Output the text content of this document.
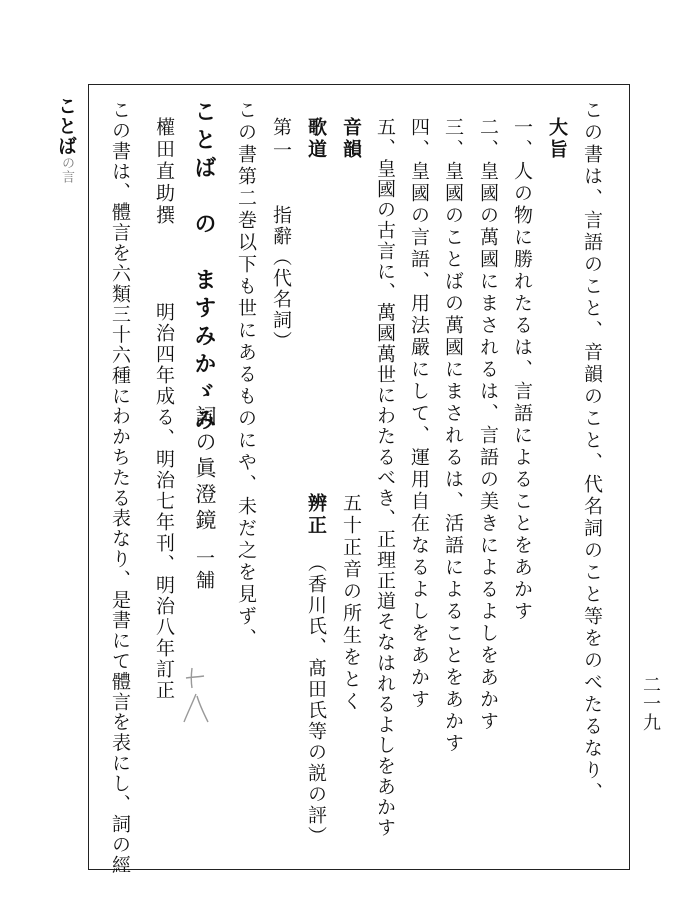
ことばの言	この書は、言語のこと、音韻のこと、代名詞のこと等をのべたるなり、
大旨
一、人の物に勝れたるは、言語によることをあかす
二、皇國の萬國にまされるは、言語の美きによるよしをあかす
三、皇國のことばの萬國にまされるは、活語によることをあかす
四、皇國の言語、用法嚴にして、運用自在なるよしをあかす
五、皇國の古言に、萬國萬世にわたるべき、正理正道そなはれるよしをあかす
音韻
五十正音の所生をとく
歌道
辨正
（香川氏、髙田氏等の説の評）
第一
指辭（代名詞）
この書第二巻以下も世にあるものにや、未だ之を見ず、
ことば　の　ますみかゞみ
詞の眞澄鏡
一舗
權田直助撰
明治四年成る、明治七年刊、明治八年訂正
この書は、體言を六類三十六種にわかちたる表なり、是書にて體言を表にし、詞の經	二一九
